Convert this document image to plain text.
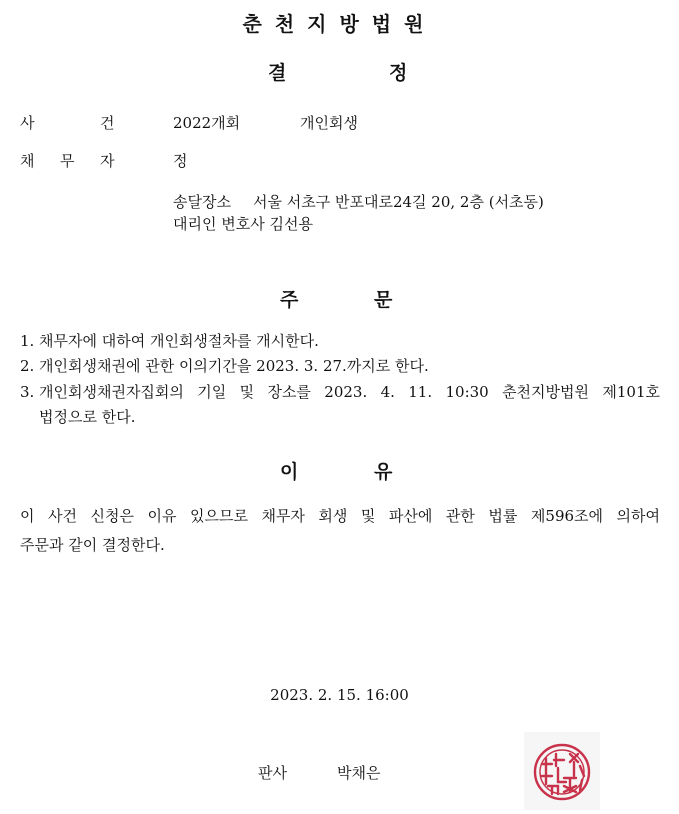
춘천지방법원
결	정
사	건	2022개회	개인회생
채 무 자	정
송달장소 서울 서초구 반포대로24길 20, 2층 (서초동)
대리인 변호사 김선용
주	문
1. 채무자에 대하여 개인회생절차를 개시한다.
2. 개인회생채권에 관한 이의기간을 2023. 3. 27.까지로 한다.
3. 개인회생채권자집회의 기일 및 장소를 2023. 4. 11. 10:30 춘천지방법원 제101호
법정으로 한다.
이	유
이 사건 신청은 이유 있으므로 채무자 회생 및 파산에 관한 법률 제596조에 의하여
주문과 같이 결정한다.
2023. 2. 15. 16:00
판사	박채은
